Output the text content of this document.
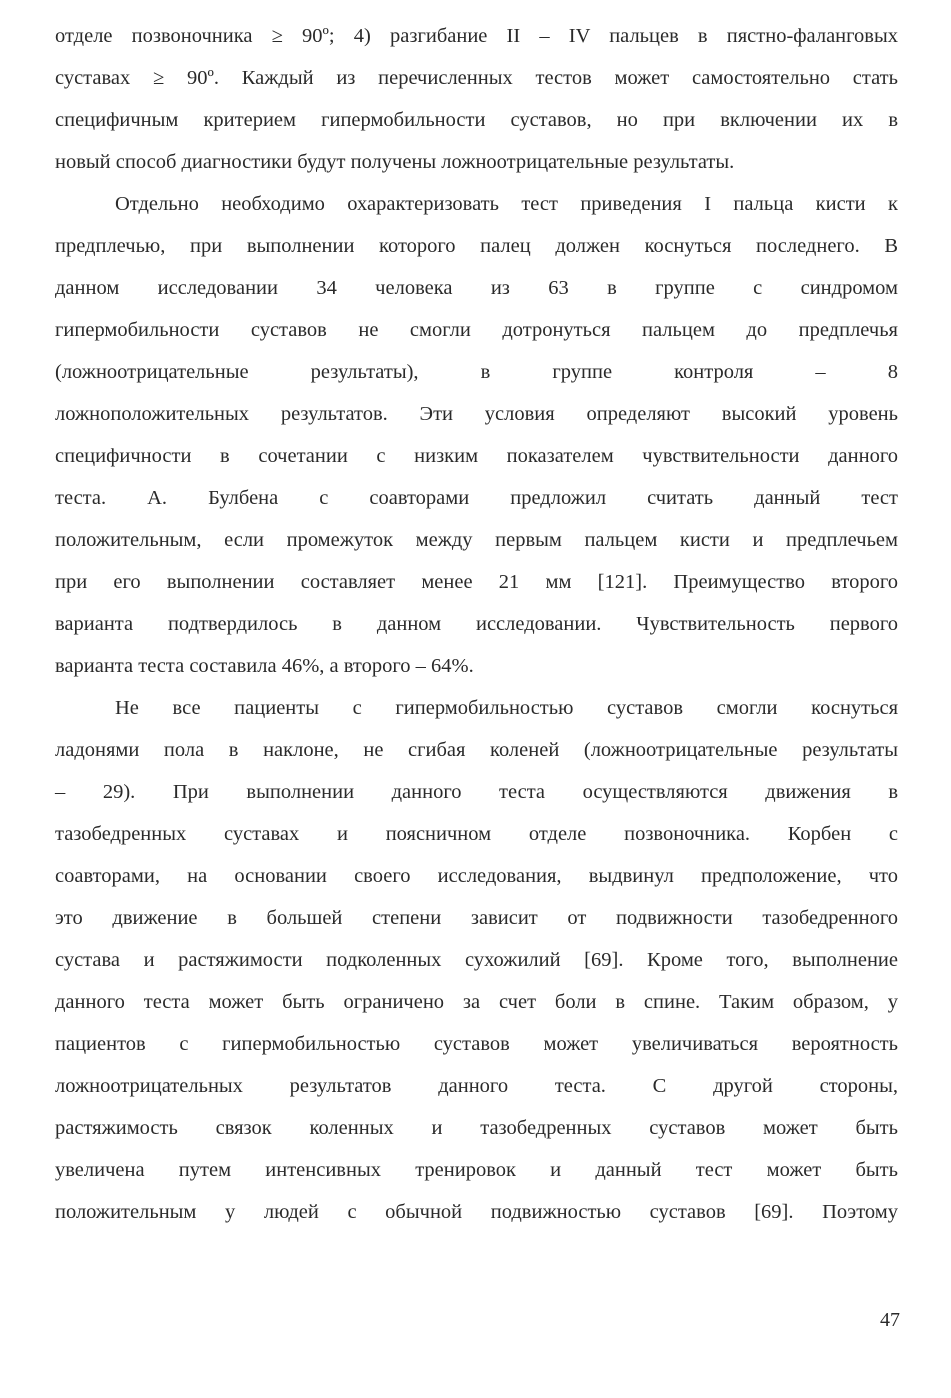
отделе позвоночника ≥ 90º; 4) разгибание II – IV пальцев в пястно-фаланговых
суставах ≥ 90º. Каждый из перечисленных тестов может самостоятельно стать
специфичным критерием гипермобильности суставов, но при включении их в
новый способ диагностики будут получены ложноотрицательные результаты.
Отдельно необходимо охарактеризовать тест приведения I пальца кисти к
предплечью, при выполнении которого палец должен коснуться последнего. В
данном исследовании 34 человека из 63 в группе с синдромом
гипермобильности суставов не смогли дотронуться пальцем до предплечья
(ложноотрицательные результаты), в группе контроля – 8
ложноположительных результатов. Эти условия определяют высокий уровень
специфичности в сочетании с низким показателем чувствительности данного
теста. А. Булбена с соавторами предложил считать данный тест
положительным, если промежуток между первым пальцем кисти и предплечьем
при его выполнении составляет менее 21 мм [121]. Преимущество второго
варианта подтвердилось в данном исследовании. Чувствительность первого
варианта теста составила 46%, а второго – 64%.
Не все пациенты с гипермобильностью суставов смогли коснуться
ладонями пола в наклоне, не сгибая коленей (ложноотрицательные результаты
– 29). При выполнении данного теста осуществляются движения в
тазобедренных суставах и поясничном отделе позвоночника. Корбен с
соавторами, на основании своего исследования, выдвинул предположение, что
это движение в большей степени зависит от подвижности тазобедренного
сустава и растяжимости подколенных сухожилий [69]. Кроме того, выполнение
данного теста может быть ограничено за счет боли в спине. Таким образом, у
пациентов с гипермобильностью суставов может увеличиваться вероятность
ложноотрицательных результатов данного теста. С другой стороны,
растяжимость связок коленных и тазобедренных суставов может быть
увеличена путем интенсивных тренировок и данный тест может быть
положительным у людей с обычной подвижностью суставов [69]. Поэтому
47
